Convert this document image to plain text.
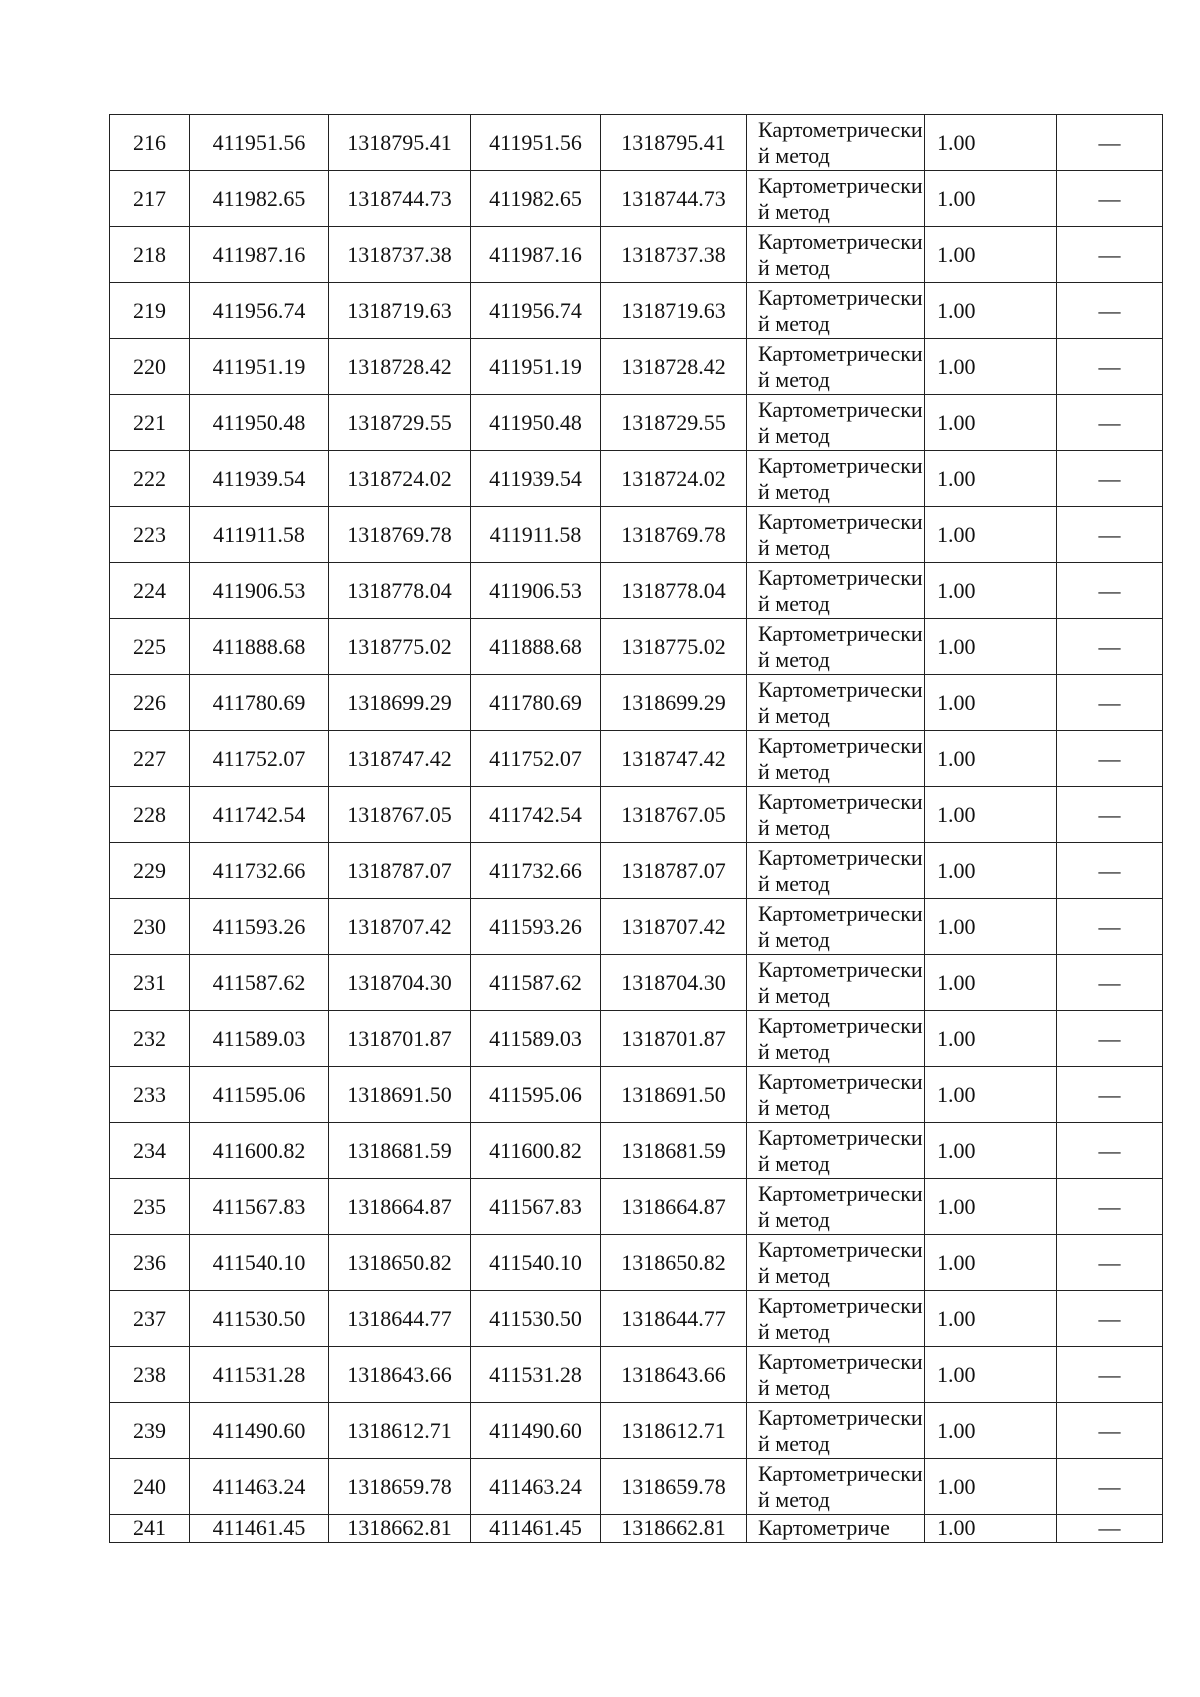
216	411951.56	1318795.41	411951.56	1318795.41	Картометрический метод	1.00	—
217	411982.65	1318744.73	411982.65	1318744.73	Картометрический метод	1.00	—
218	411987.16	1318737.38	411987.16	1318737.38	Картометрический метод	1.00	—
219	411956.74	1318719.63	411956.74	1318719.63	Картометрический метод	1.00	—
220	411951.19	1318728.42	411951.19	1318728.42	Картометрический метод	1.00	—
221	411950.48	1318729.55	411950.48	1318729.55	Картометрический метод	1.00	—
222	411939.54	1318724.02	411939.54	1318724.02	Картометрический метод	1.00	—
223	411911.58	1318769.78	411911.58	1318769.78	Картометрический метод	1.00	—
224	411906.53	1318778.04	411906.53	1318778.04	Картометрический метод	1.00	—
225	411888.68	1318775.02	411888.68	1318775.02	Картометрический метод	1.00	—
226	411780.69	1318699.29	411780.69	1318699.29	Картометрический метод	1.00	—
227	411752.07	1318747.42	411752.07	1318747.42	Картометрический метод	1.00	—
228	411742.54	1318767.05	411742.54	1318767.05	Картометрический метод	1.00	—
229	411732.66	1318787.07	411732.66	1318787.07	Картометрический метод	1.00	—
230	411593.26	1318707.42	411593.26	1318707.42	Картометрический метод	1.00	—
231	411587.62	1318704.30	411587.62	1318704.30	Картометрический метод	1.00	—
232	411589.03	1318701.87	411589.03	1318701.87	Картометрический метод	1.00	—
233	411595.06	1318691.50	411595.06	1318691.50	Картометрический метод	1.00	—
234	411600.82	1318681.59	411600.82	1318681.59	Картометрический метод	1.00	—
235	411567.83	1318664.87	411567.83	1318664.87	Картометрический метод	1.00	—
236	411540.10	1318650.82	411540.10	1318650.82	Картометрический метод	1.00	—
237	411530.50	1318644.77	411530.50	1318644.77	Картометрический метод	1.00	—
238	411531.28	1318643.66	411531.28	1318643.66	Картометрический метод	1.00	—
239	411490.60	1318612.71	411490.60	1318612.71	Картометрический метод	1.00	—
240	411463.24	1318659.78	411463.24	1318659.78	Картометрический метод	1.00	—
241	411461.45	1318662.81	411461.45	1318662.81	Картометриче	1.00	—
